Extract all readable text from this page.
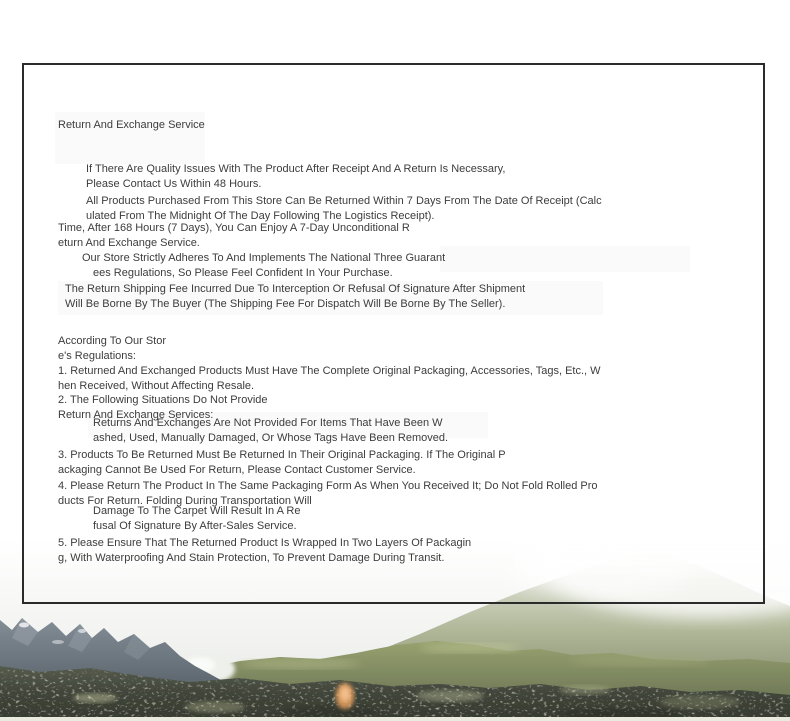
Return And Exchange Service
If There Are Quality Issues With The Product After Receipt And A Return Is Necessary,
Please Contact Us Within 48 Hours.
All Products Purchased From This Store Can Be Returned Within 7 Days From The Date Of Receipt (Calc
ulated From The Midnight Of The Day Following The Logistics Receipt).
Time, After 168 Hours (7 Days), You Can Enjoy A 7-Day Unconditional R
eturn And Exchange Service.
Our Store Strictly Adheres To And Implements The National Three Guarant
ees Regulations, So Please Feel Confident In Your Purchase.
The Return Shipping Fee Incurred Due To Interception Or Refusal Of Signature After Shipment
Will Be Borne By The Buyer (The Shipping Fee For Dispatch Will Be Borne By The Seller).
According To Our Stor
e's Regulations:
1. Returned And Exchanged Products Must Have The Complete Original Packaging, Accessories, Tags, Etc., W
hen Received, Without Affecting Resale.
2. The Following Situations Do Not Provide
Return And Exchange Services:
Returns And Exchanges Are Not Provided For Items That Have Been W
ashed, Used, Manually Damaged, Or Whose Tags Have Been Removed.
3. Products To Be Returned Must Be Returned In Their Original Packaging. If The Original P
ackaging Cannot Be Used For Return, Please Contact Customer Service.
4. Please Return The Product In The Same Packaging Form As When You Received It; Do Not Fold Rolled Pro
ducts For Return. Folding During Transportation Will
Damage To The Carpet Will Result In A Re
fusal Of Signature By After-Sales Service.
5. Please Ensure That The Returned Product Is Wrapped In Two Layers Of Packagin
g, With Waterproofing And Stain Protection, To Prevent Damage During Transit.
